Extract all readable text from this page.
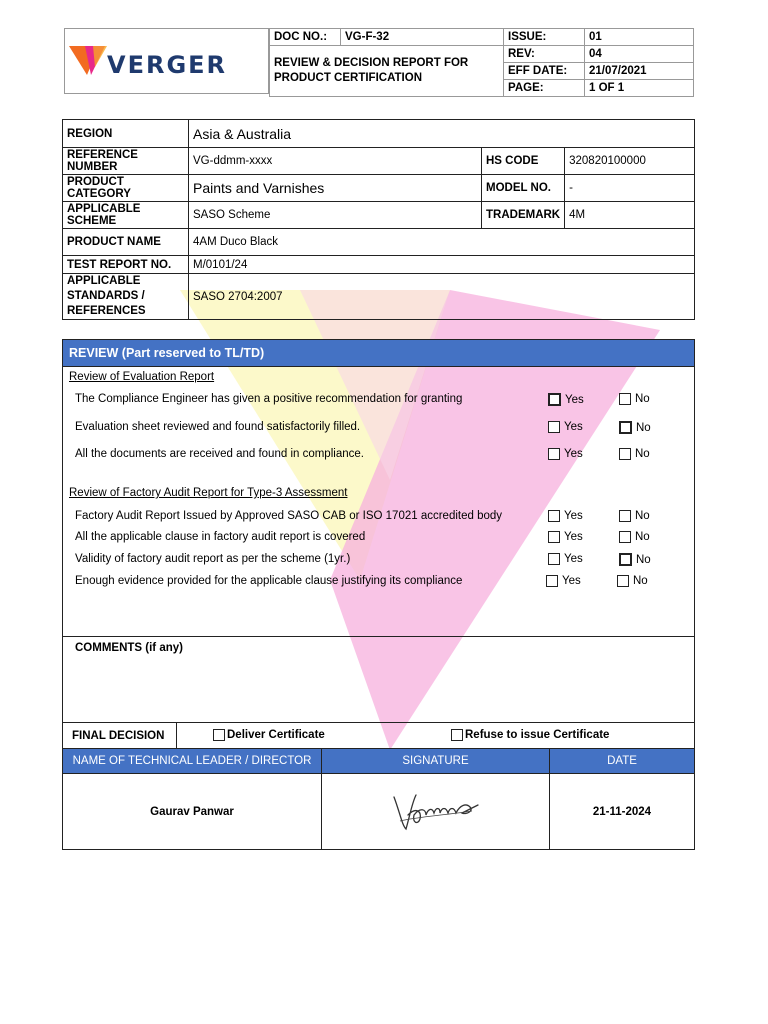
VERGER
DOC NO.:	VG-F-32	ISSUE:	01
REVIEW & DECISION REPORT FOR PRODUCT CERTIFICATION		REV:	04
		EFF DATE:	21/07/2021
		PAGE:	1 OF 1
REGION	Asia & Australia		
REFERENCE NUMBER	VG-ddmm-xxxx	HS CODE	320820100000
PRODUCT CATEGORY	Paints and Varnishes	MODEL NO.	-
APPLICABLE SCHEME	SASO Scheme	TRADEMARK	4M
PRODUCT NAME	4AM Duco Black		
TEST REPORT NO.	M/0101/24		
APPLICABLE STANDARDS / REFERENCES	SASO 2704:2007		
REVIEW (Part reserved to TL/TD)
Review of Evaluation Report
The Compliance Engineer has given a positive recommendation for granting	Yes	No
Evaluation sheet reviewed and found satisfactorily filled.	Yes	No
All the documents are received and found in compliance.	Yes	No
Review of Factory Audit Report for Type-3 Assessment
Factory Audit Report Issued by Approved SASO CAB or ISO 17021 accredited body	Yes	No
All the applicable clause in factory audit report is covered	Yes	No
Validity of factory audit report as per the scheme (1yr.)	Yes	No
Enough evidence provided for the applicable clause justifying its compliance	Yes	No
COMMENTS (if any)
FINAL DECISION	Deliver Certificate	Refuse to issue Certificate
NAME OF TECHNICAL LEADER / DIRECTOR	SIGNATURE	DATE
Gaurav Panwar		21-11-2024
